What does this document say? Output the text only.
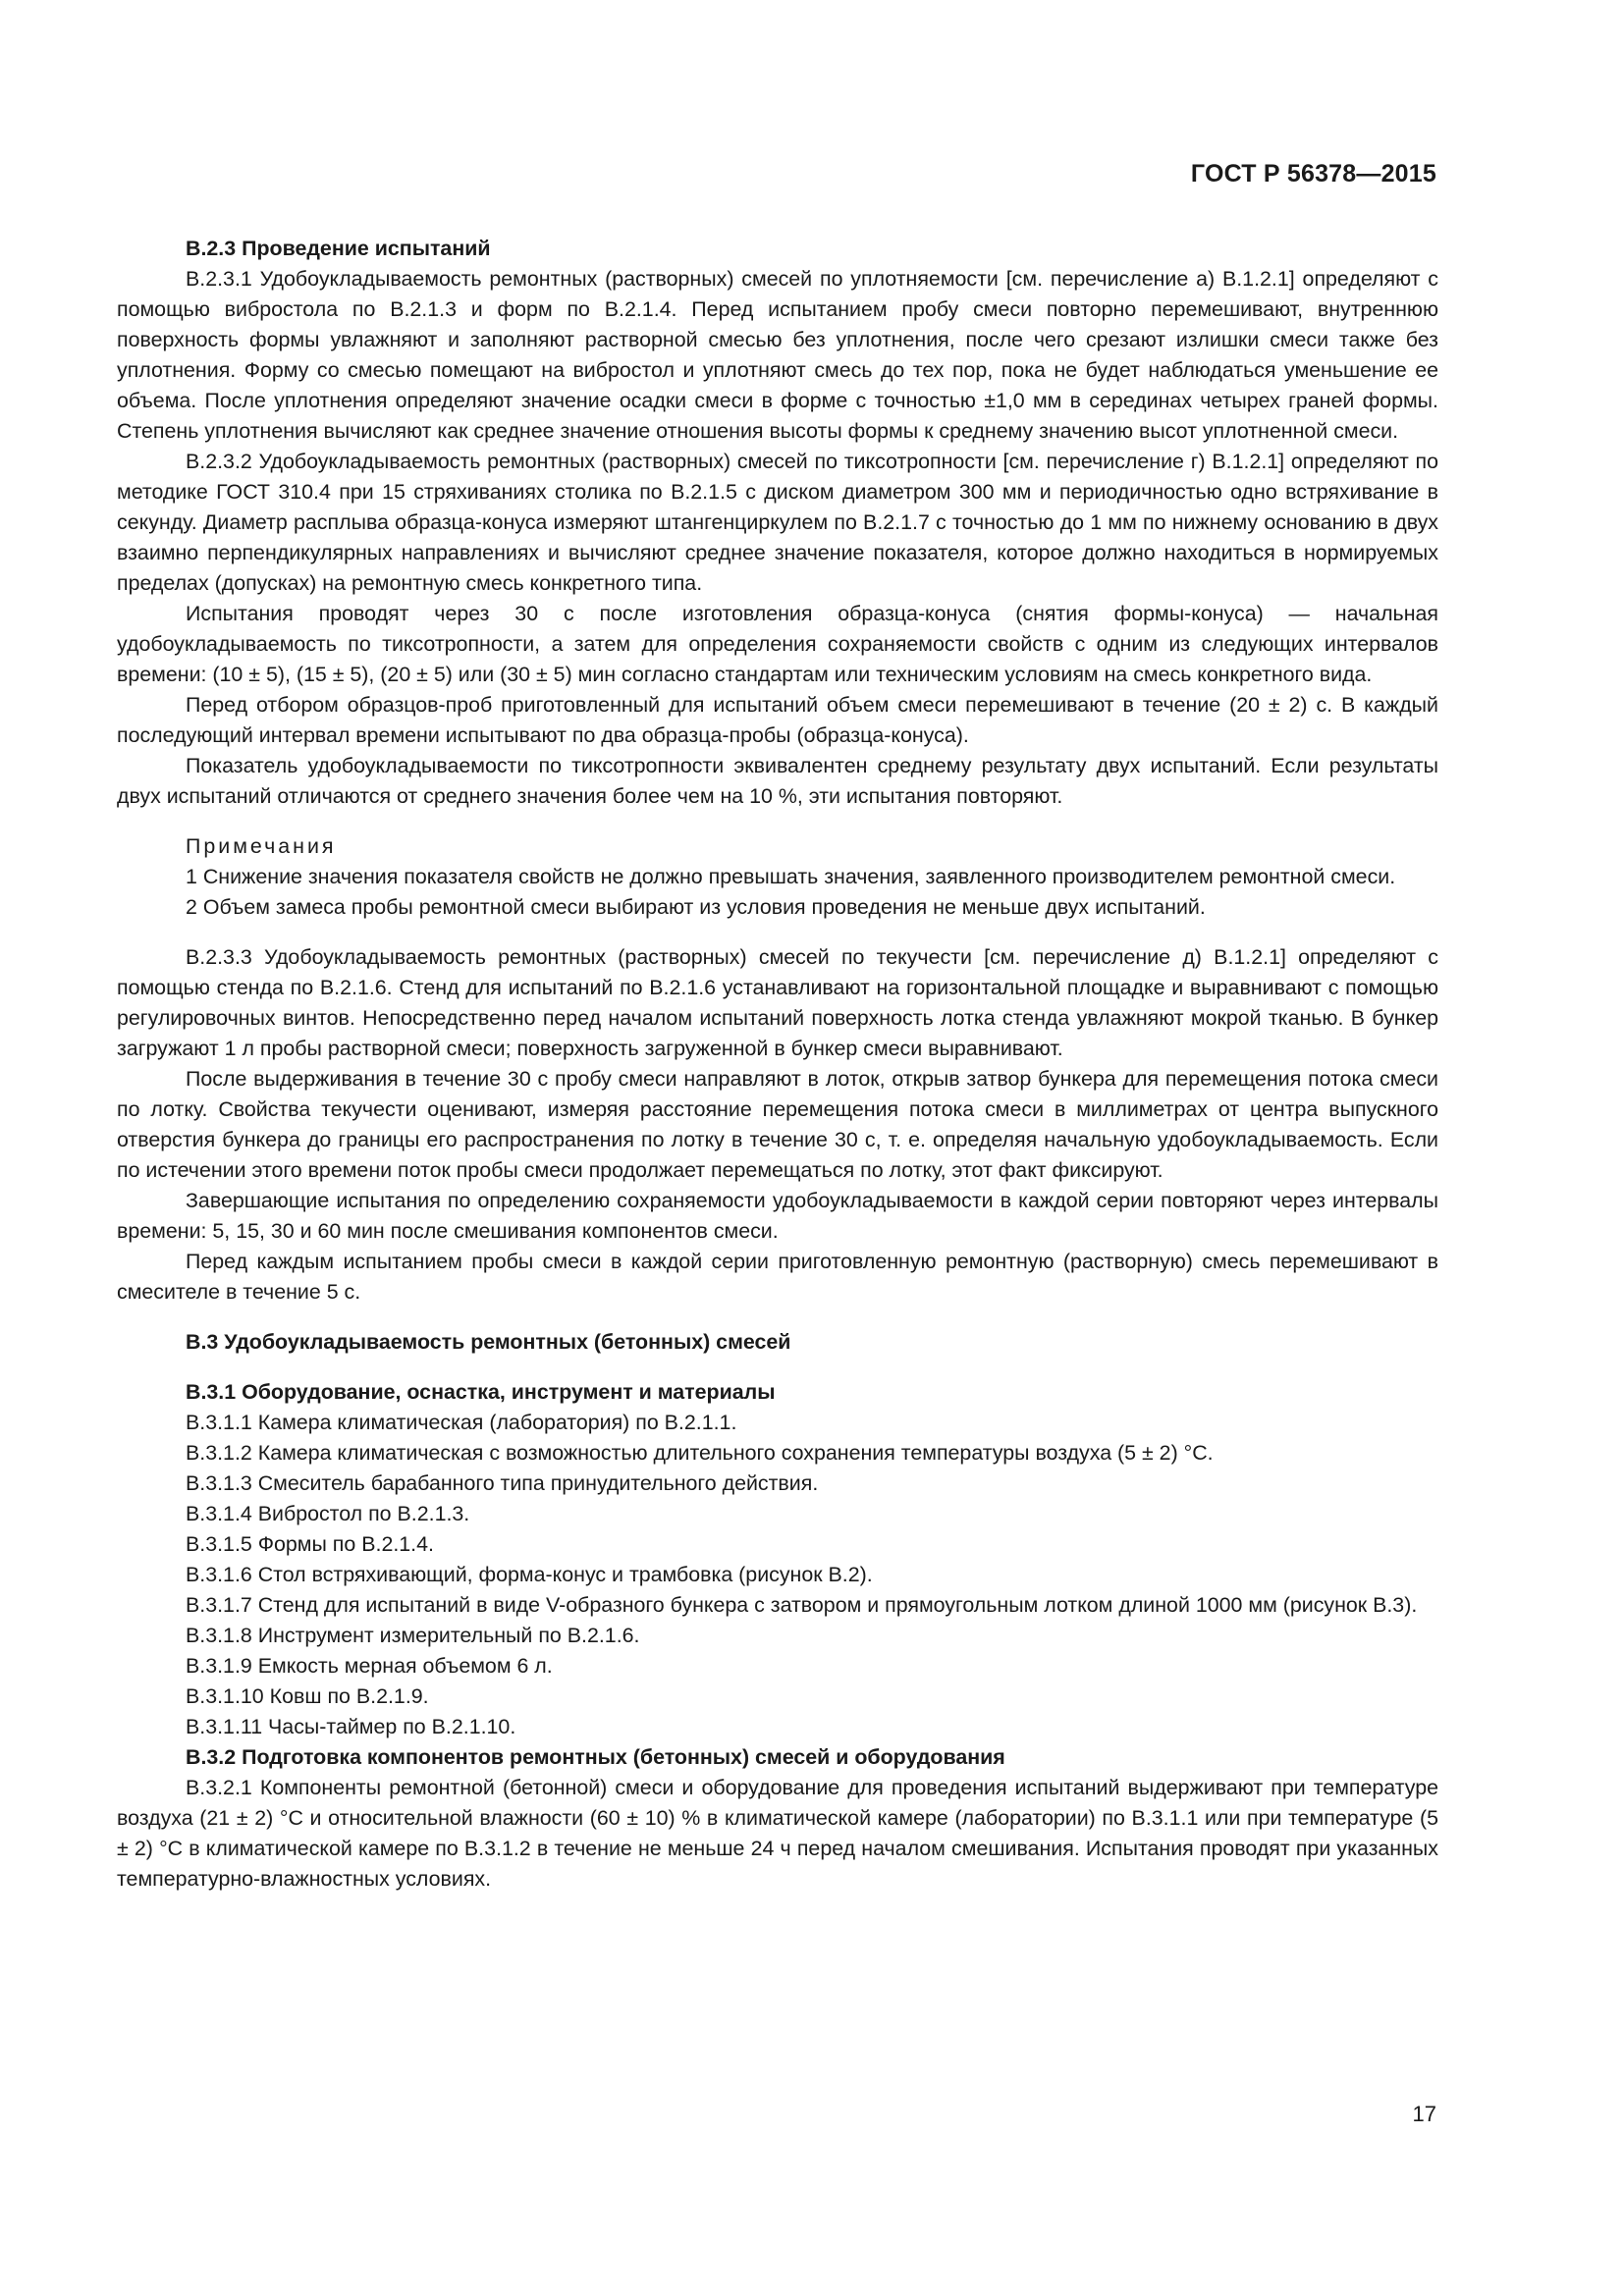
ГОСТ Р 56378—2015

В.2.3 Проведение испытаний

В.2.3.1 Удобоукладываемость ремонтных (растворных) смесей по уплотняемости [см. перечисление а) В.1.2.1] определяют с помощью вибростола по В.2.1.3 и форм по В.2.1.4. Перед испытанием пробу смеси повторно перемешивают, внутреннюю поверхность формы увлажняют и заполняют растворной смесью без уплотнения, после чего срезают излишки смеси также без уплотнения. Форму со смесью помещают на вибростол и уплотняют смесь до тех пор, пока не будет наблюдаться уменьшение ее объема. После уплотнения определяют значение осадки смеси в форме с точностью ±1,0 мм в серединах четырех граней формы. Степень уплотнения вычисляют как среднее значение отношения высоты формы к среднему значению высот уплотненной смеси.

В.2.3.2 Удобоукладываемость ремонтных (растворных) смесей по тиксотропности [см. перечисление г) В.1.2.1] определяют по методике ГОСТ 310.4 при 15 стряхиваниях столика по В.2.1.5 с диском диаметром 300 мм и периодичностью одно встряхивание в секунду. Диаметр расплыва образца-конуса измеряют штангенциркулем по В.2.1.7 с точностью до 1 мм по нижнему основанию в двух взаимно перпендикулярных направлениях и вычисляют среднее значение показателя, которое должно находиться в нормируемых пределах (допусках) на ремонтную смесь конкретного типа.

Испытания проводят через 30 с после изготовления образца-конуса (снятия формы-конуса) — начальная удобоукладываемость по тиксотропности, а затем для определения сохраняемости свойств с одним из следующих интервалов времени: (10 ± 5), (15 ± 5), (20 ± 5) или (30 ± 5) мин согласно стандартам или техническим условиям на смесь конкретного вида.

Перед отбором образцов-проб приготовленный для испытаний объем смеси перемешивают в течение (20 ± 2) с. В каждый последующий интервал времени испытывают по два образца-пробы (образца-конуса).

Показатель удобоукладываемости по тиксотропности эквивалентен среднему результату двух испытаний. Если результаты двух испытаний отличаются от среднего значения более чем на 10 %, эти испытания повторяют.

Примечания

1 Снижение значения показателя свойств не должно превышать значения, заявленного производителем ремонтной смеси.

2 Объем замеса пробы ремонтной смеси выбирают из условия проведения не меньше двух испытаний.

В.2.3.3 Удобоукладываемость ремонтных (растворных) смесей по текучести [см. перечисление д) В.1.2.1] определяют с помощью стенда по В.2.1.6. Стенд для испытаний по В.2.1.6 устанавливают на горизонтальной площадке и выравнивают с помощью регулировочных винтов. Непосредственно перед началом испытаний поверхность лотка стенда увлажняют мокрой тканью. В бункер загружают 1 л пробы растворной смеси; поверхность загруженной в бункер смеси выравнивают.

После выдерживания в течение 30 с пробу смеси направляют в лоток, открыв затвор бункера для перемещения потока смеси по лотку. Свойства текучести оценивают, измеряя расстояние перемещения потока смеси в миллиметрах от центра выпускного отверстия бункера до границы его распространения по лотку в течение 30 с, т. е. определяя начальную удобоукладываемость. Если по истечении этого времени поток пробы смеси продолжает перемещаться по лотку, этот факт фиксируют.

Завершающие испытания по определению сохраняемости удобоукладываемости в каждой серии повторяют через интервалы времени: 5, 15, 30 и 60 мин после смешивания компонентов смеси.

Перед каждым испытанием пробы смеси в каждой серии приготовленную ремонтную (растворную) смесь перемешивают в смесителе в течение 5 с.

В.3 Удобоукладываемость ремонтных (бетонных) смесей

В.3.1 Оборудование, оснастка, инструмент и материалы

В.3.1.1 Камера климатическая (лаборатория) по В.2.1.1.

В.3.1.2 Камера климатическая с возможностью длительного сохранения температуры воздуха (5 ± 2) °С.

В.3.1.3 Смеситель барабанного типа принудительного действия.

В.3.1.4 Вибростол по В.2.1.3.

В.3.1.5 Формы по В.2.1.4.

В.3.1.6 Стол встряхивающий, форма-конус и трамбовка (рисунок В.2).

В.3.1.7 Стенд для испытаний в виде V-образного бункера с затвором и прямоугольным лотком длиной 1000 мм (рисунок В.3).

В.3.1.8 Инструмент измерительный по В.2.1.6.

В.3.1.9 Емкость мерная объемом 6 л.

В.3.1.10 Ковш по В.2.1.9.

В.3.1.11 Часы-таймер по В.2.1.10.

В.3.2 Подготовка компонентов ремонтных (бетонных) смесей и оборудования

В.3.2.1 Компоненты ремонтной (бетонной) смеси и оборудование для проведения испытаний выдерживают при температуре воздуха (21 ± 2) °С и относительной влажности (60 ± 10) % в климатической камере (лаборатории) по В.3.1.1 или при температуре (5 ± 2) °С в климатической камере по В.3.1.2 в течение не меньше 24 ч перед началом смешивания. Испытания проводят при указанных температурно-влажностных условиях.

17
